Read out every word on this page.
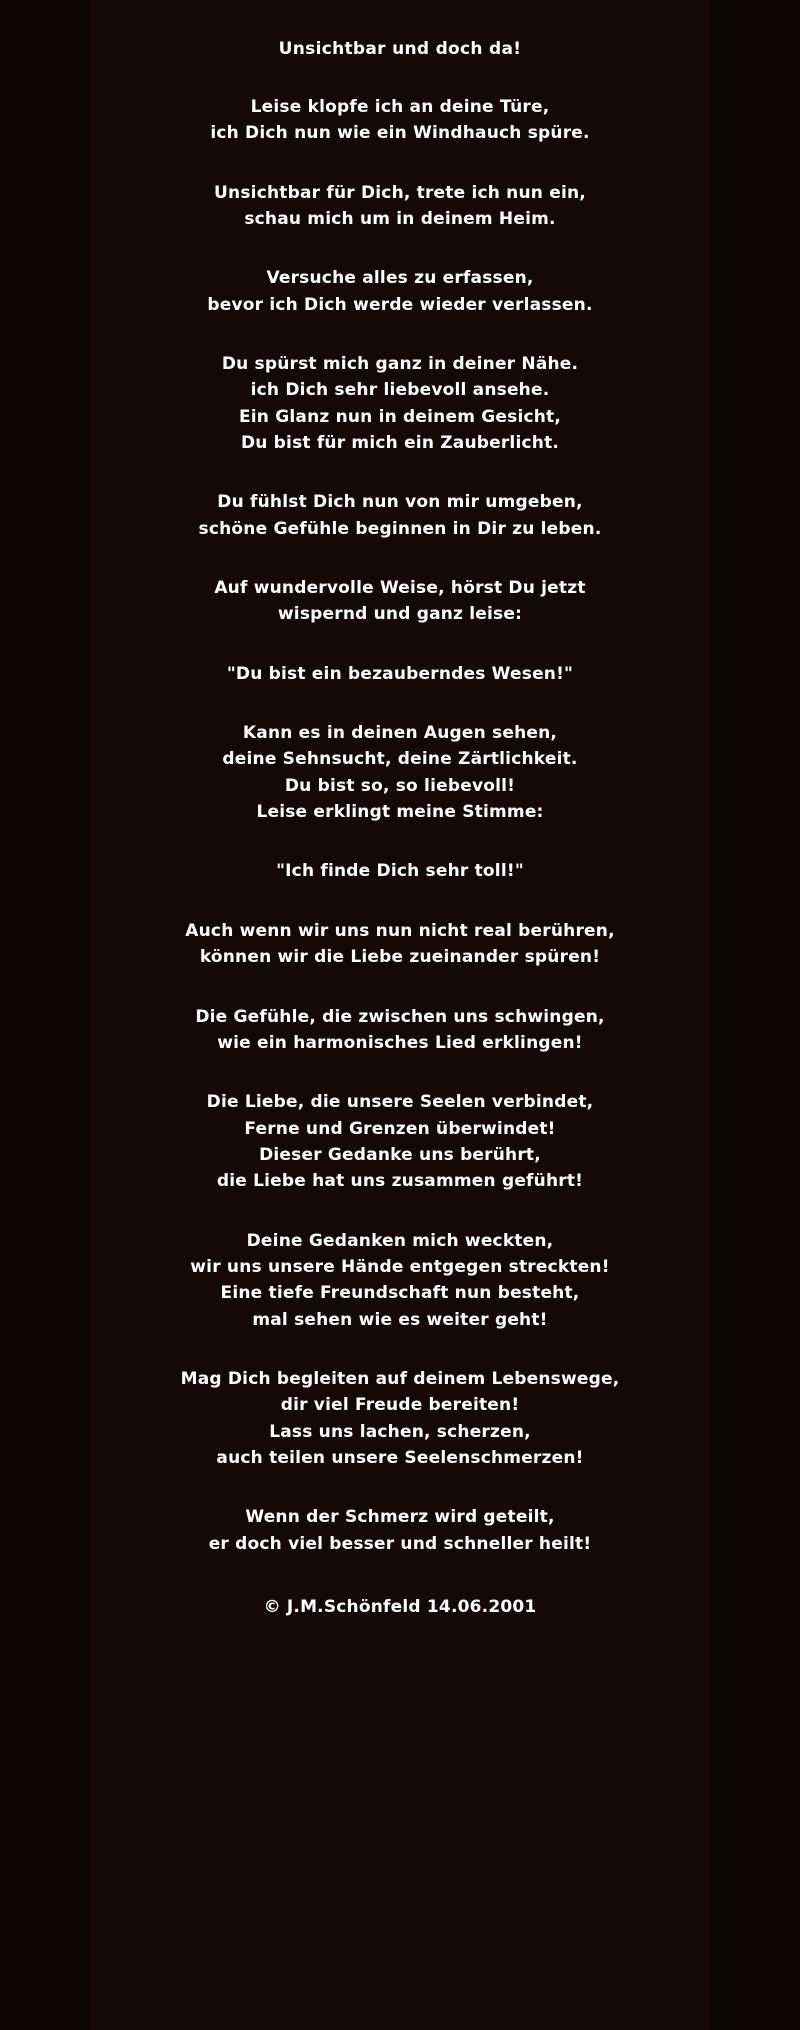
Unsichtbar und doch da!
Leise klopfe ich an deine Türe,
ich Dich nun wie ein Windhauch spüre.
Unsichtbar für Dich, trete ich nun ein,
schau mich um in deinem Heim.
Versuche alles zu erfassen,
bevor ich Dich werde wieder verlassen.
Du spürst mich ganz in deiner Nähe.
ich Dich sehr liebevoll ansehe.
Ein Glanz nun in deinem Gesicht,
Du bist für mich ein Zauberlicht.
Du fühlst Dich nun von mir umgeben,
schöne Gefühle beginnen in Dir zu leben.
Auf wundervolle Weise, hörst Du jetzt
wispernd und ganz leise:
"Du bist ein bezauberndes Wesen!"
Kann es in deinen Augen sehen,
deine Sehnsucht, deine Zärtlichkeit.
Du bist so, so liebevoll!
Leise erklingt meine Stimme:
"Ich finde Dich sehr toll!"
Auch wenn wir uns nun nicht real berühren,
können wir die Liebe zueinander spüren!
Die Gefühle, die zwischen uns schwingen,
wie ein harmonisches Lied erklingen!
Die Liebe, die unsere Seelen verbindet,
Ferne und Grenzen überwindet!
Dieser Gedanke uns berührt,
die Liebe hat uns zusammen geführt!
Deine Gedanken mich weckten,
wir uns unsere Hände entgegen streckten!
Eine tiefe Freundschaft nun besteht,
mal sehen wie es weiter geht!
Mag Dich begleiten auf deinem Lebenswege,
dir viel Freude bereiten!
Lass uns lachen, scherzen,
auch teilen unsere Seelenschmerzen!
Wenn der Schmerz wird geteilt,
er doch viel besser und schneller heilt!
© J.M.Schönfeld 14.06.2001
